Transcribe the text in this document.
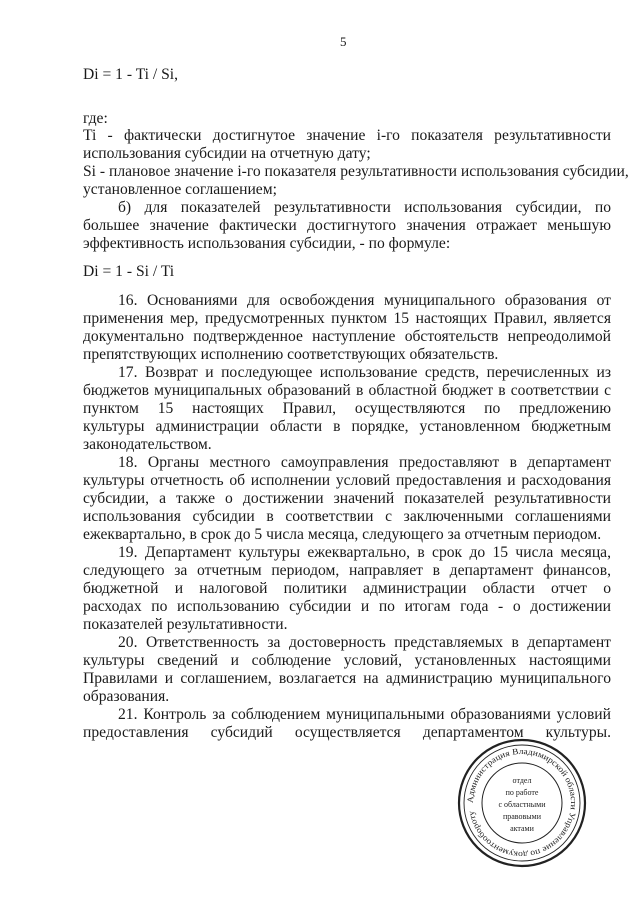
5
Di = 1 - Ti / Si,
где:
Ti - фактически достигнутое значение i-го показателя результативности
использования субсидии на отчетную дату;
Si - плановое значение i-го показателя результативности использования субсидии,
установленное соглашением;
б) для показателей результативности использования субсидии, по
большее значение фактически достигнутого значения отражает меньшую
эффективность использования субсидии, - по формуле:
Di = 1 - Si / Ti
16. Основаниями для освобождения муниципального образования от
применения мер, предусмотренных пунктом 15 настоящих Правил, является
документально подтвержденное наступление обстоятельств непреодолимой
препятствующих исполнению соответствующих обязательств.
17. Возврат и последующее использование средств, перечисленных из
бюджетов муниципальных образований в областной бюджет в соответствии с
пунктом 15 настоящих Правил, осуществляются по предложению
культуры администрации области в порядке, установленном бюджетным
законодательством.
18. Органы местного самоуправления предоставляют в департамент
культуры отчетность об исполнении условий предоставления и расходования
субсидии, а также о достижении значений показателей результативности
использования субсидии в соответствии с заключенными соглашениями
ежеквартально, в срок до 5 числа месяца, следующего за отчетным периодом.
19. Департамент культуры ежеквартально, в срок до 15 числа месяца,
следующего за отчетным периодом, направляет в департамент финансов,
бюджетной и налоговой политики администрации области отчет о
расходах по использованию субсидии и по итогам года - о достижении
показателей результативности.
20. Ответственность за достоверность представляемых в департамент
культуры сведений и соблюдение условий, установленных настоящими
Правилами и соглашением, возлагается на администрацию муниципального
образования.
21. Контроль за соблюдением муниципальными образованиями условий
предоставления субсидий осуществляется департаментом культуры.
Администрация Владимирской области Управление по документообороту
отдел
по работе
с областными
правовыми
актами
